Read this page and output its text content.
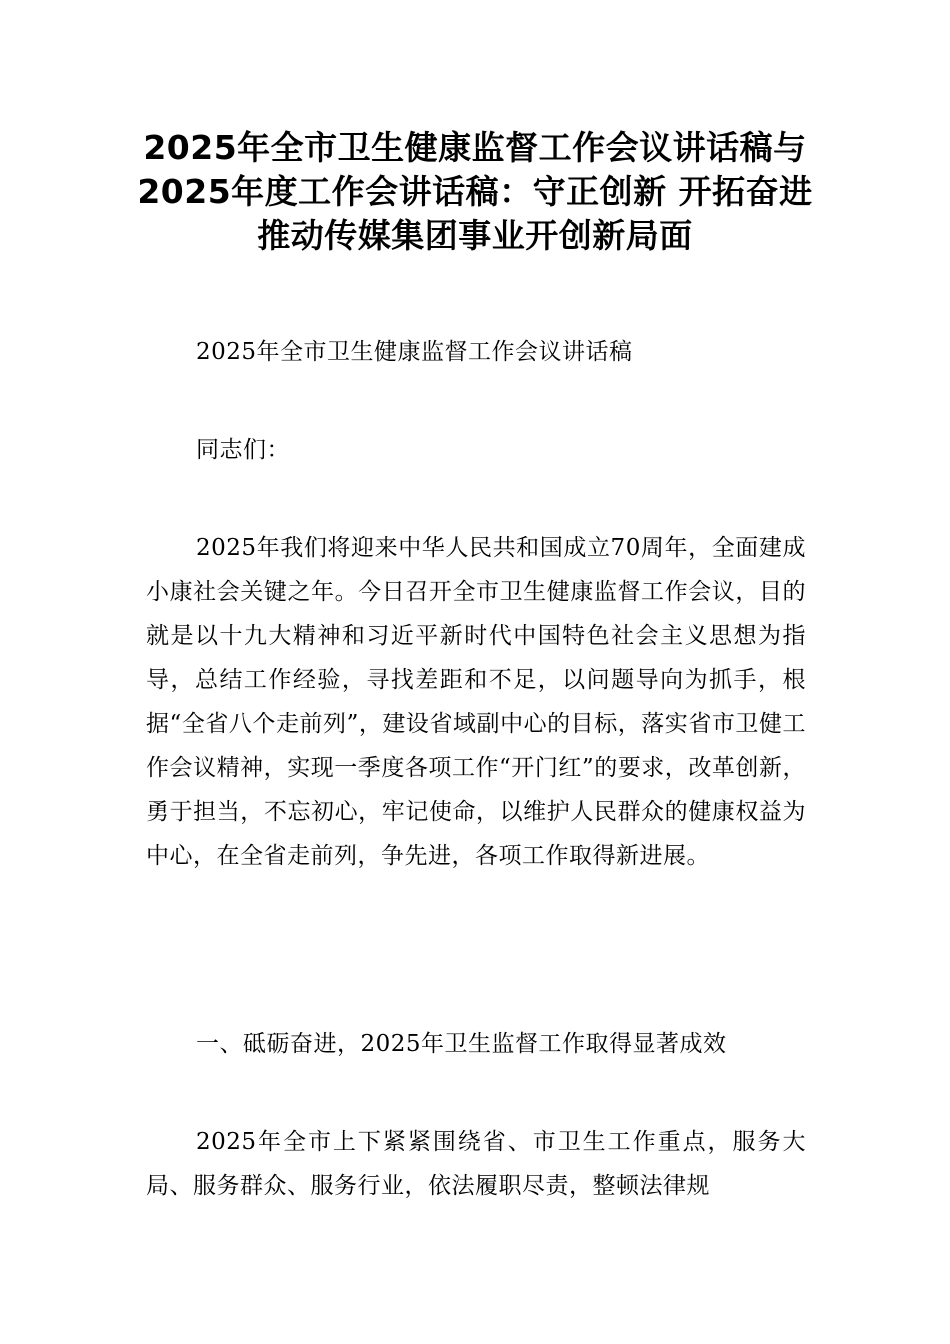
2025年全市卫生健康监督工作会议讲话稿与2025年度工作会讲话稿：守正创新 开拓奋进 推动传媒集团事业开创新局面

2025年全市卫生健康监督工作会议讲话稿

同志们：

2025年我们将迎来中华人民共和国成立70周年，全面建成小康社会关键之年。今日召开全市卫生健康监督工作会议，目的就是以十九大精神和习近平新时代中国特色社会主义思想为指导，总结工作经验，寻找差距和不足，以问题导向为抓手，根据“全省八个走前列”，建设省域副中心的目标，落实省市卫健工作会议精神，实现一季度各项工作“开门红”的要求，改革创新，勇于担当，不忘初心，牢记使命，以维护人民群众的健康权益为中心，在全省走前列，争先进，各项工作取得新进展。

一、砥砺奋进，2025年卫生监督工作取得显著成效

2025年全市上下紧紧围绕省、市卫生工作重点，服务大局、服务群众、服务行业，依法履职尽责，整顿法律规
